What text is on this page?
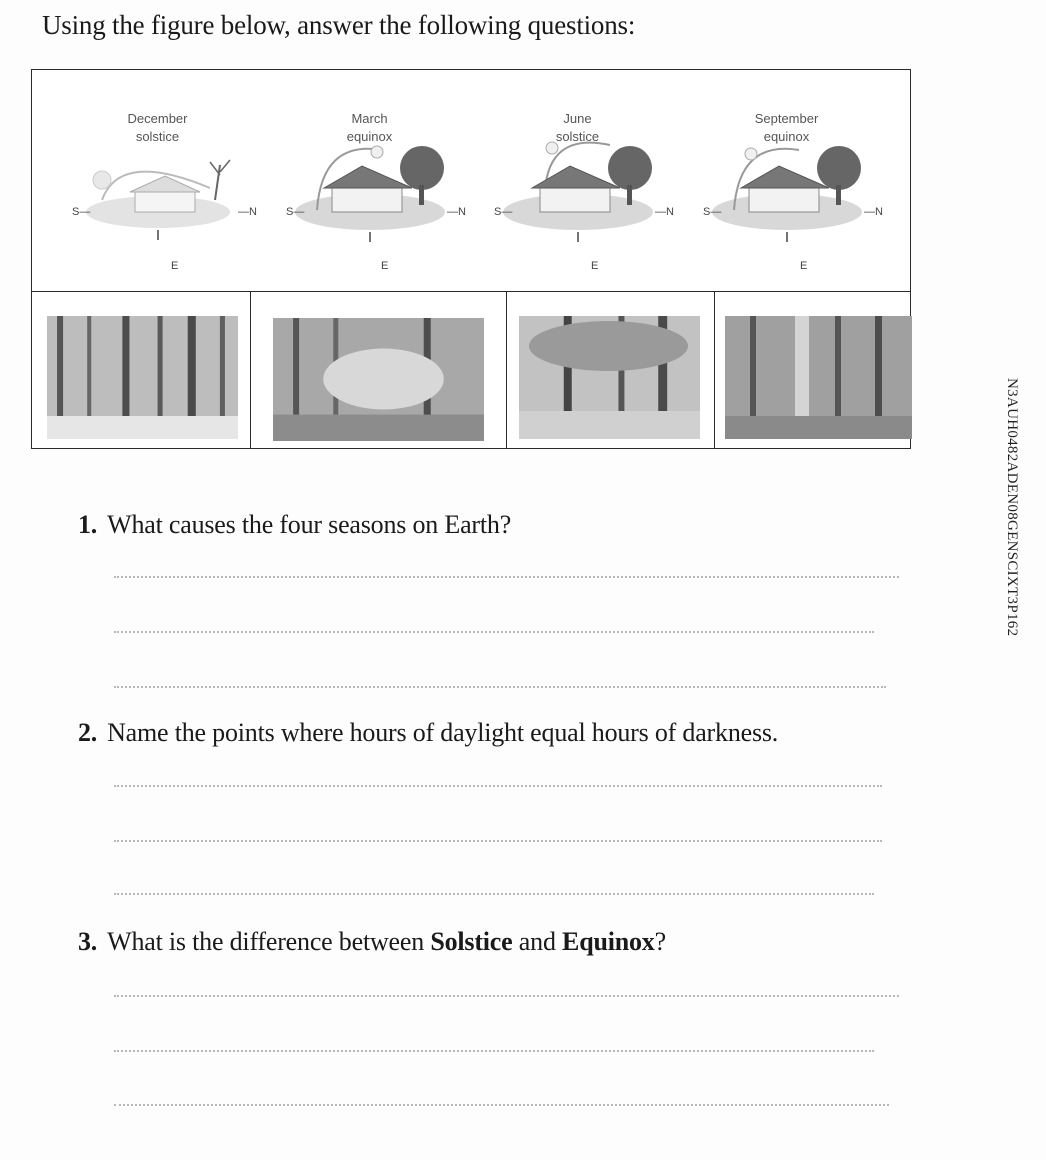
Using the figure below, answer the following questions:
December
solstice
S—	—N
E
March
equinox
S—	—N
E
June
solstice
S—	—N
E
September
equinox
S—	—N
E
1. What causes the four seasons on Earth?
2. Name the points where hours of daylight equal hours of darkness.
3. What is the difference between Solstice and Equinox?
N3AUH0482ADEN08GENSCIXT3P162
